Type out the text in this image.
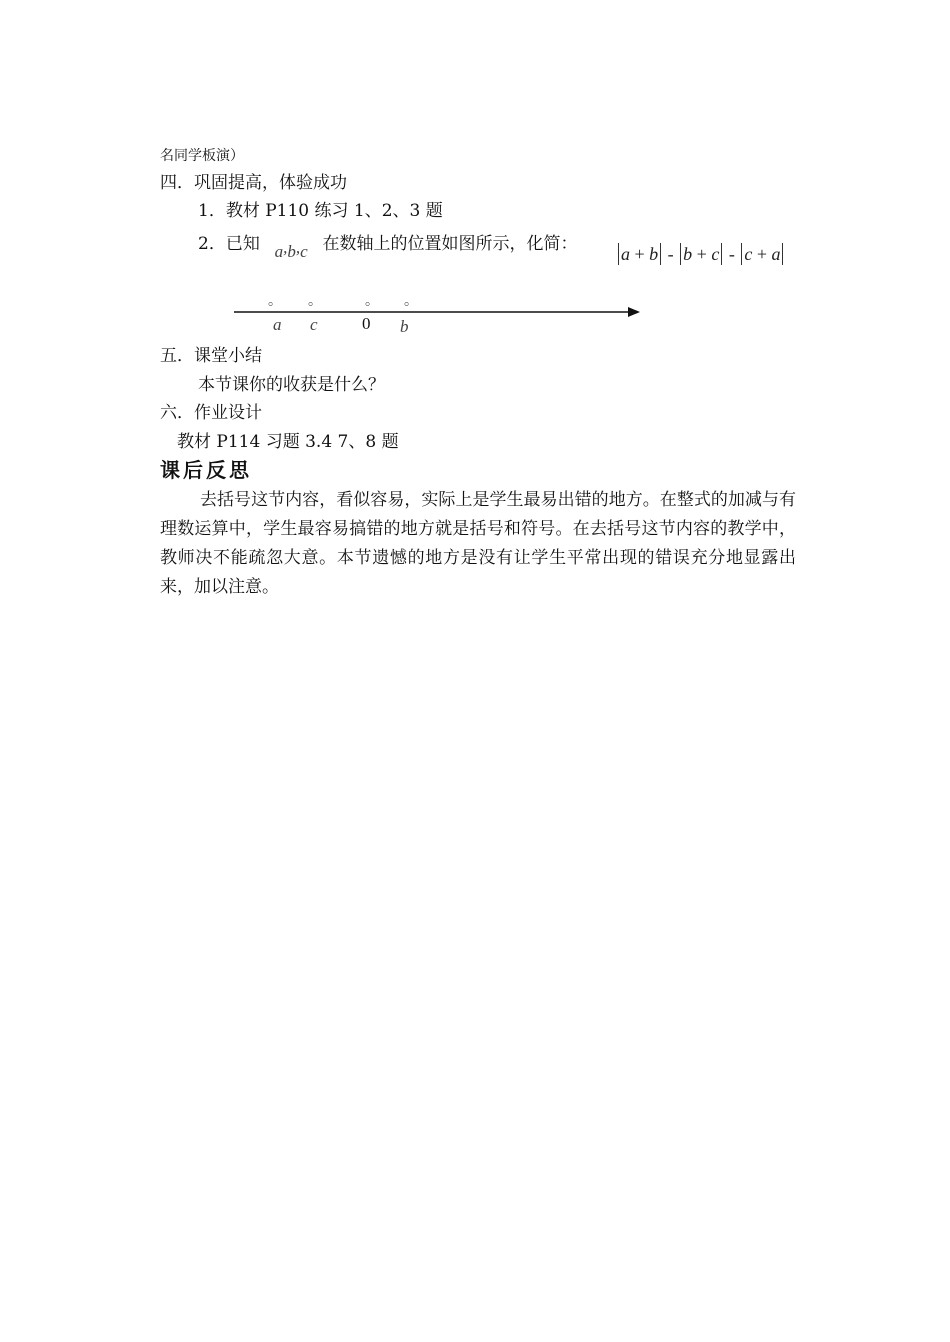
名同学板演）
四．巩固提高，体验成功
1．教材 P110 练习 1、2、3 题
2．已知 a,b,c 在数轴上的位置如图所示，化简： a + b - b + c - c + a
。 。	。 。
a c	0 b
五．课堂小结
本节课你的收获是什么？
六．作业设计
教材 P114 习题 3.4 7、8 题
课后反思
去括号这节内容，看似容易，实际上是学生最易出错的地方。在整式的加减与有理数运算中，学生最容易搞错的地方就是括号和符号。在去括号这节内容的教学中，教师决不能疏忽大意。本节遗憾的地方是没有让学生平常出现的错误充分地显露出来，加以注意。
